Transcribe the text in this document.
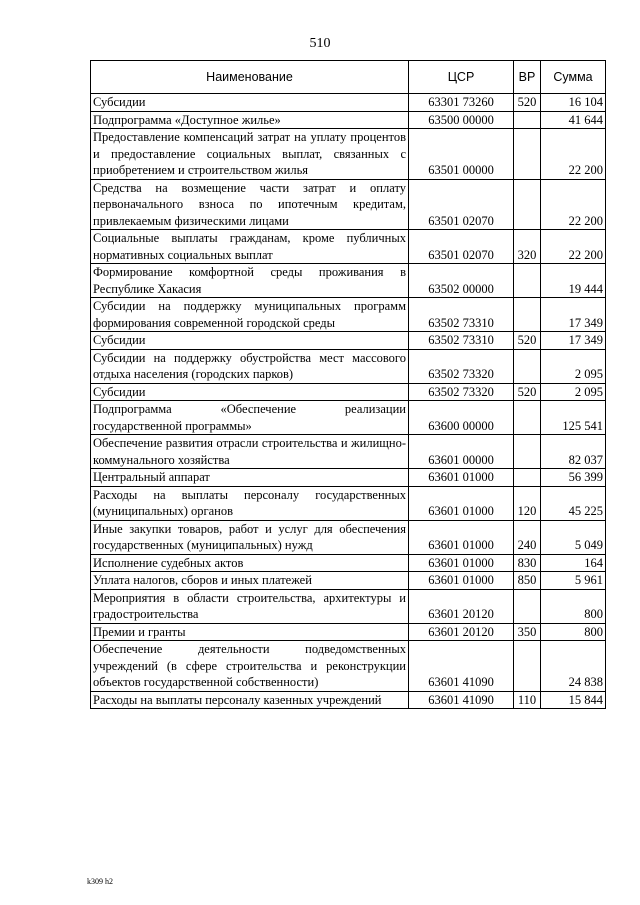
510
Наименование	ЦСР	ВР	Сумма
Субсидии	63301 73260	520	16 104
Подпрограмма «Доступное жилье»	63500 00000		41 644
Предоставление компенсаций затрат на уплату процентов и предоставление социальных выплат, связанных с приобретением и строительством жилья	63501 00000		22 200
Средства на возмещение части затрат и оплату первоначального взноса по ипотечным кредитам, привлекаемым физическими лицами	63501 02070		22 200
Социальные выплаты гражданам, кроме публичных нормативных социальных выплат	63501 02070	320	22 200
Формирование комфортной среды проживания в Республике Хакасия	63502 00000		19 444
Субсидии на поддержку муниципальных программ формирования современной городской среды	63502 73310		17 349
Субсидии	63502 73310	520	17 349
Субсидии на поддержку обустройства мест массового отдыха населения (городских парков)	63502 73320		2 095
Субсидии	63502 73320	520	2 095
Подпрограмма «Обеспечение реализации государственной программы»	63600 00000		125 541
Обеспечение развития отрасли строительства и жилищно-коммунального хозяйства	63601 00000		82 037
Центральный аппарат	63601 01000		56 399
Расходы на выплаты персоналу государственных (муниципальных) органов	63601 01000	120	45 225
Иные закупки товаров, работ и услуг для обеспечения государственных (муниципальных) нужд	63601 01000	240	5 049
Исполнение судебных актов	63601 01000	830	164
Уплата налогов, сборов и иных платежей	63601 01000	850	5 961
Мероприятия в области строительства, архитектуры и градостроительства	63601 20120		800
Премии и гранты	63601 20120	350	800
Обеспечение деятельности подведомственных учреждений (в сфере строительства и реконструкции объектов государственной собственности)	63601 41090		24 838
Расходы на выплаты персоналу казенных учреждений	63601 41090	110	15 844
k309 h2
